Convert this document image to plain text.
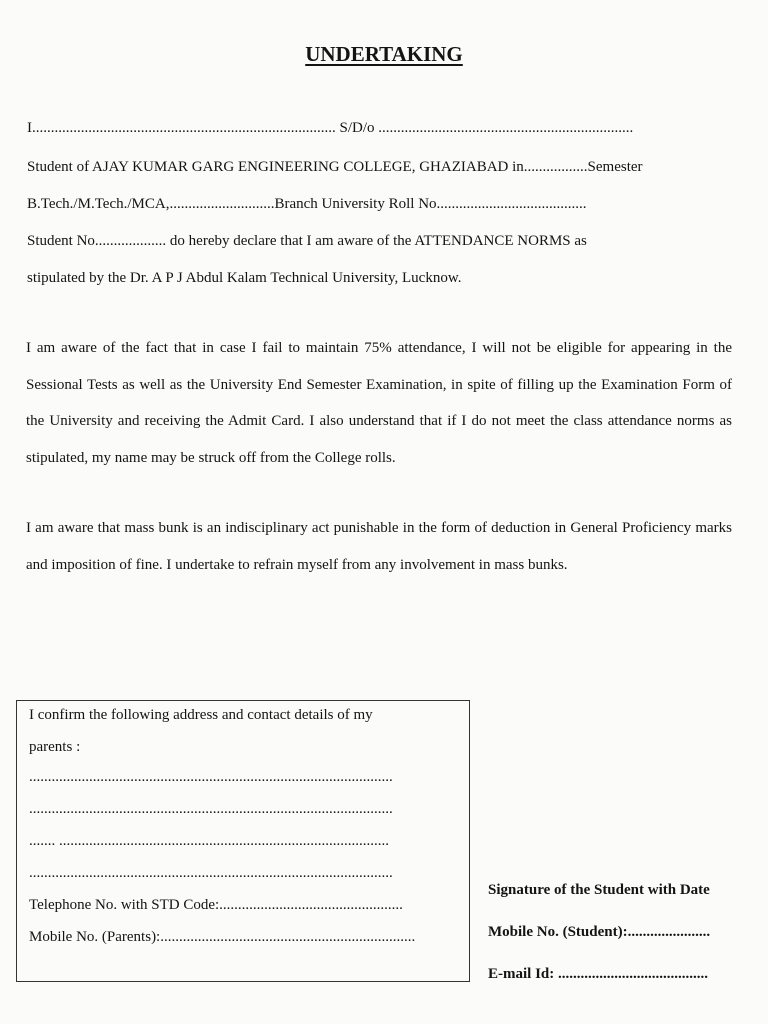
UNDERTAKING
I................................................................................. S/D/o ....................................................................
Student of AJAY KUMAR GARG ENGINEERING COLLEGE, GHAZIABAD in.................Semester
B.Tech./M.Tech./MCA,............................Branch University Roll No........................................
Student No................... do hereby declare that I am aware of the ATTENDANCE NORMS as
stipulated by the Dr. A P J Abdul Kalam Technical University, Lucknow.
I am aware of the fact that in case I fail to maintain 75% attendance, I will not be eligible for appearing in the Sessional Tests as well as the University End Semester Examination, in spite of filling up the Examination Form of the University and receiving the Admit Card. I also understand that if I do not meet the class attendance norms as stipulated, my name may be struck off from the College rolls.
I am aware that mass bunk is an indisciplinary act punishable in the form of deduction in General Proficiency marks and imposition of fine. I undertake to refrain myself from any involvement in mass bunks.
I confirm the following address and contact details of my
parents :
.................................................................................................
.................................................................................................
....... ........................................................................................
.................................................................................................
Telephone No. with STD Code:.................................................
Mobile No. (Parents):....................................................................
Signature of the Student with Date
Mobile No. (Student):......................
E-mail Id: ........................................
